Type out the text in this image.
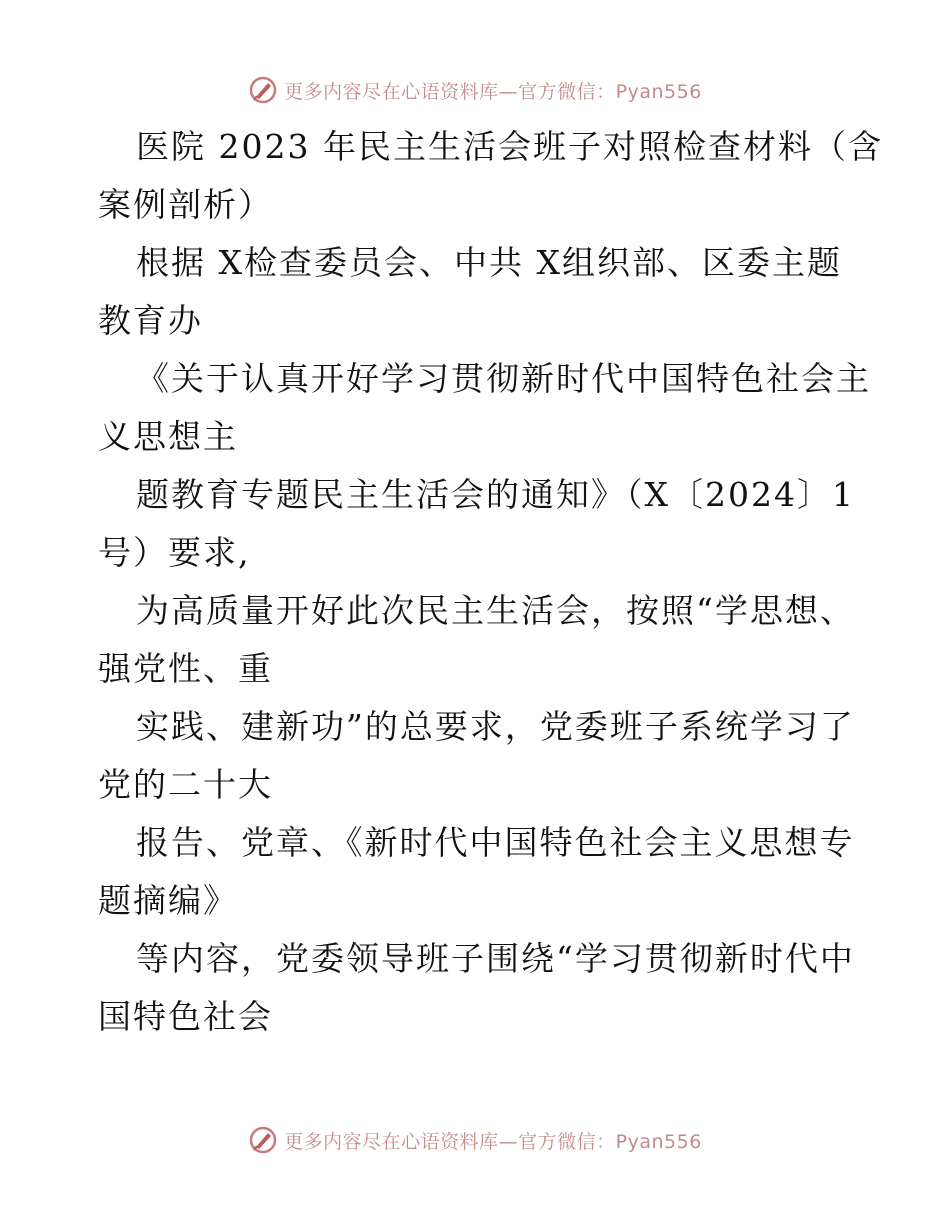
更多内容尽在心语资料库—官方微信：Pyan556
医院 2023 年民主生活会班子对照检查材料（含
案例剖析）
根据 X检查委员会、中共 X组织部、区委主题
教育办
《关于认真开好学习贯彻新时代中国特色社会主
义思想主
题教育专题民主生活会的通知》（X〔2024〕1
号）要求,
为高质量开好此次民主生活会，按照“学思想、
强党性、重
实践、建新功”的总要求，党委班子系统学习了
党的二十大
报告、党章、《新时代中国特色社会主义思想专
题摘编》
等内容，党委领导班子围绕“学习贯彻新时代中
国特色社会
更多内容尽在心语资料库—官方微信：Pyan556
